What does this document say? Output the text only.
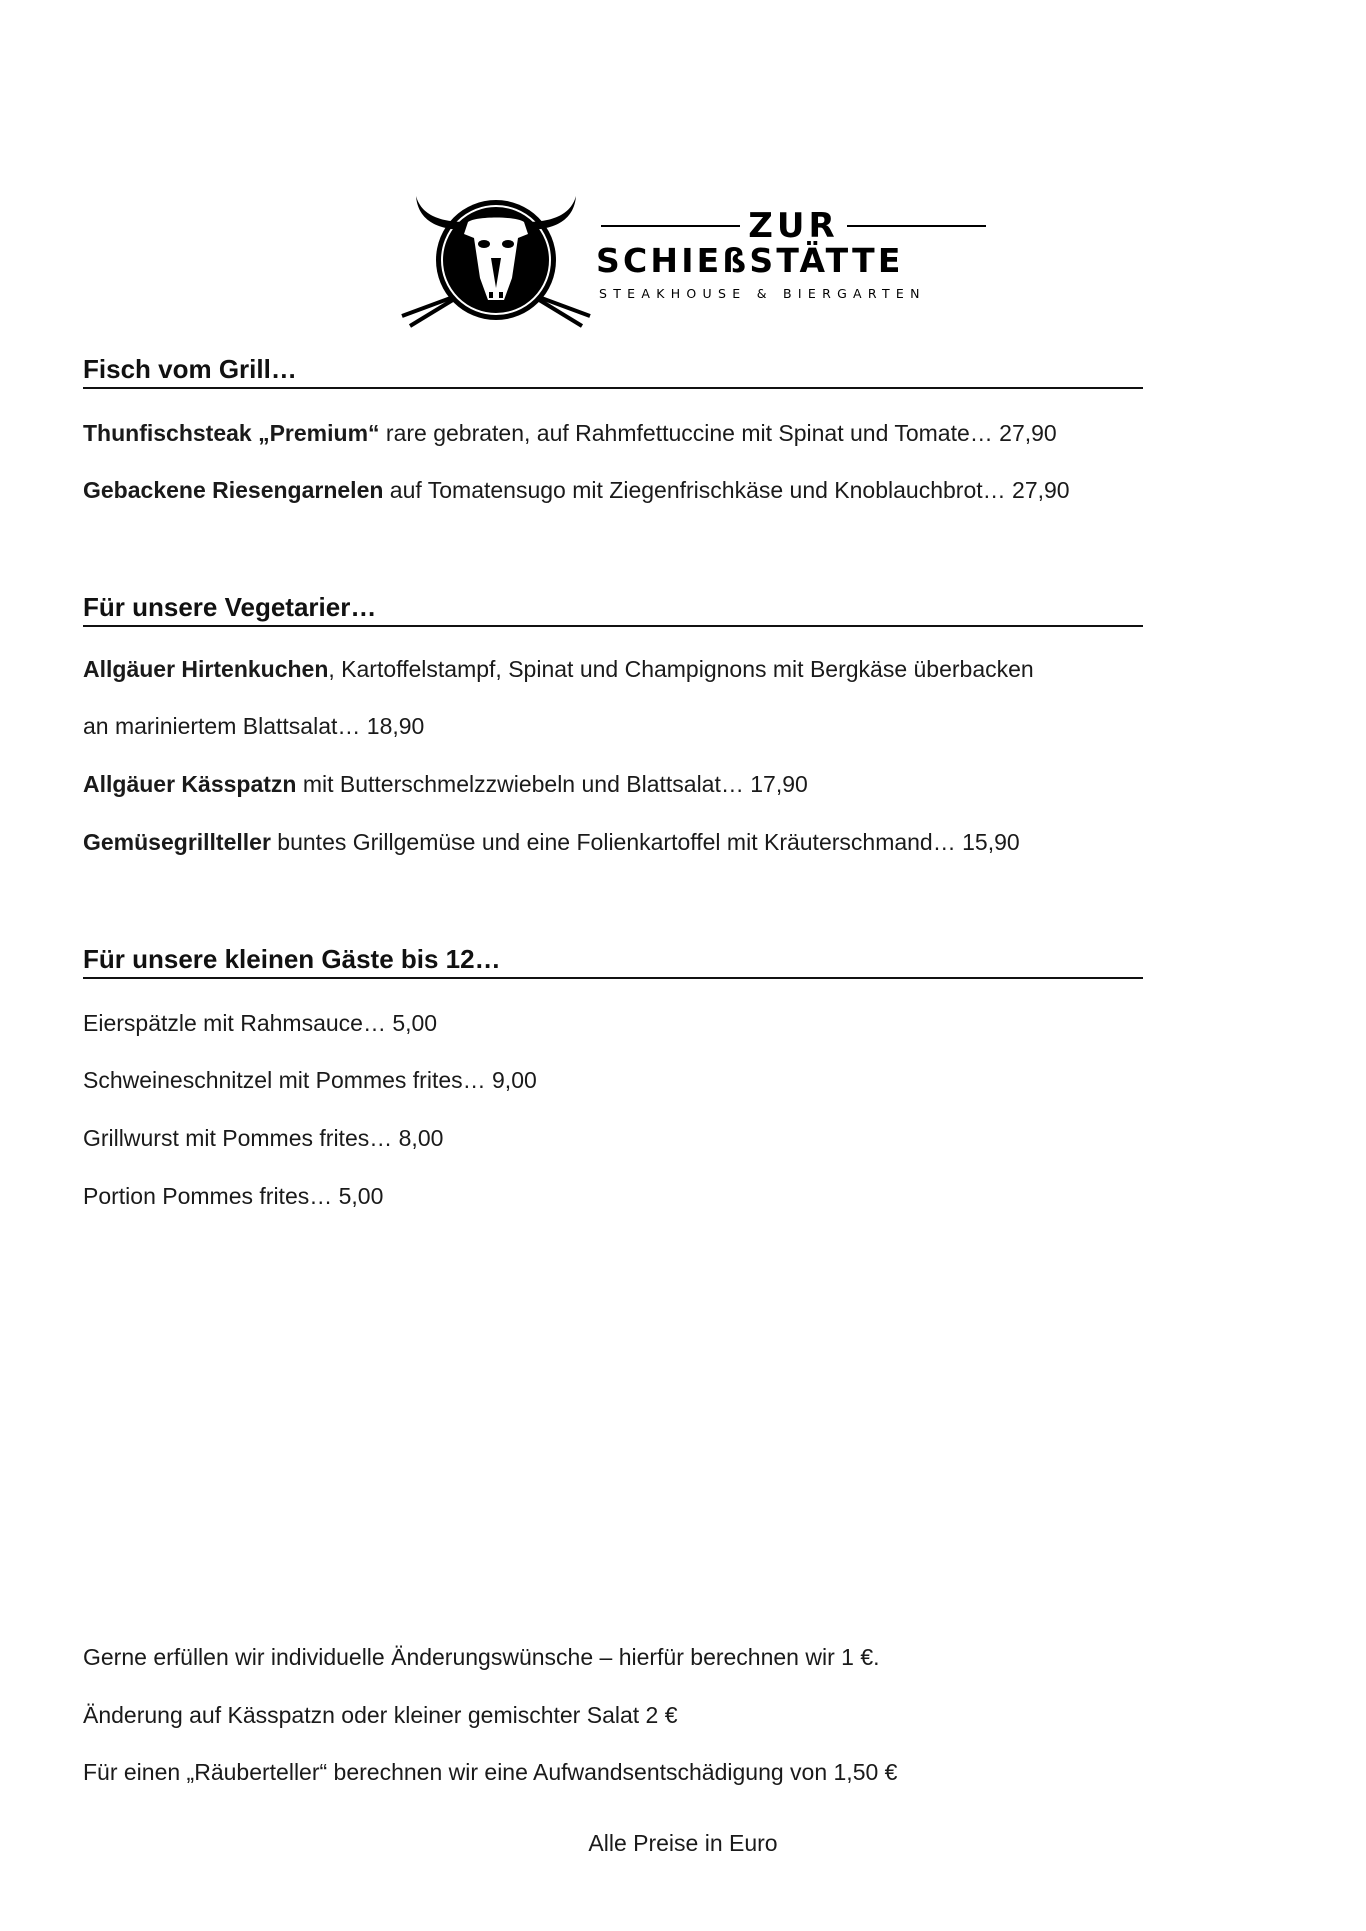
ZUR
SCHIEßSTÄTTE
STEAKHOUSE & BIERGARTEN
Fisch vom Grill…
Thunfischsteak „Premium“ rare gebraten, auf Rahmfettuccine mit Spinat und Tomate… 27,90
Gebackene Riesengarnelen auf Tomatensugo mit Ziegenfrischkäse und Knoblauchbrot… 27,90
Für unsere Vegetarier…
Allgäuer Hirtenkuchen, Kartoffelstampf, Spinat und Champignons mit Bergkäse überbacken
an mariniertem Blattsalat… 18,90
Allgäuer Kässpatzn mit Butterschmelzzwiebeln und Blattsalat… 17,90
Gemüsegrillteller buntes Grillgemüse und eine Folienkartoffel mit Kräuterschmand… 15,90
Für unsere kleinen Gäste bis 12…
Eierspätzle mit Rahmsauce… 5,00
Schweineschnitzel mit Pommes frites… 9,00
Grillwurst mit Pommes frites… 8,00
Portion Pommes frites… 5,00
Gerne erfüllen wir individuelle Änderungswünsche – hierfür berechnen wir 1 €.
Änderung auf Kässpatzn oder kleiner gemischter Salat 2 €
Für einen „Räuberteller“ berechnen wir eine Aufwandsentschädigung von 1,50 €
Alle Preise in Euro
